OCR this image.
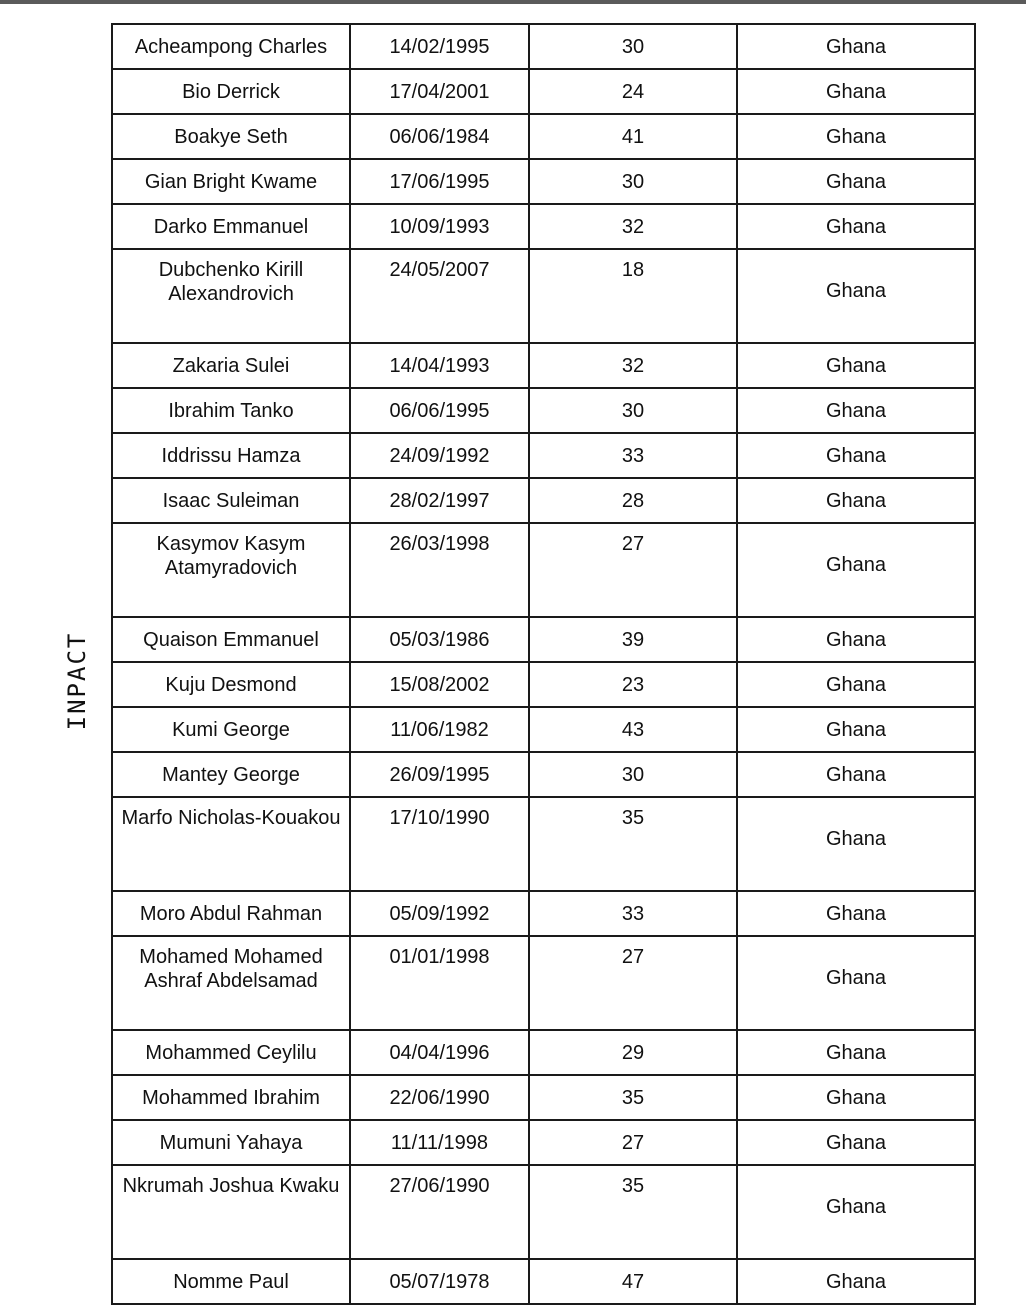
INPACT
Acheampong Charles	14/02/1995	30	Ghana
Bio Derrick	17/04/2001	24	Ghana
Boakye Seth	06/06/1984	41	Ghana
Gian Bright Kwame	17/06/1995	30	Ghana
Darko Emmanuel	10/09/1993	32	Ghana
Dubchenko Kirill Alexandrovich	24/05/2007	18	Ghana
Zakaria Sulei	14/04/1993	32	Ghana
Ibrahim Tanko	06/06/1995	30	Ghana
Iddrissu Hamza	24/09/1992	33	Ghana
Isaac Suleiman	28/02/1997	28	Ghana
Kasymov Kasym Atamyradovich	26/03/1998	27	Ghana
Quaison Emmanuel	05/03/1986	39	Ghana
Kuju Desmond	15/08/2002	23	Ghana
Kumi George	11/06/1982	43	Ghana
Mantey George	26/09/1995	30	Ghana
Marfo Nicholas-Kouakou	17/10/1990	35	Ghana
Moro Abdul Rahman	05/09/1992	33	Ghana
Mohamed Mohamed Ashraf Abdelsamad	01/01/1998	27	Ghana
Mohammed Ceylilu	04/04/1996	29	Ghana
Mohammed Ibrahim	22/06/1990	35	Ghana
Mumuni Yahaya	11/11/1998	27	Ghana
Nkrumah Joshua Kwaku	27/06/1990	35	Ghana
Nomme Paul	05/07/1978	47	Ghana
